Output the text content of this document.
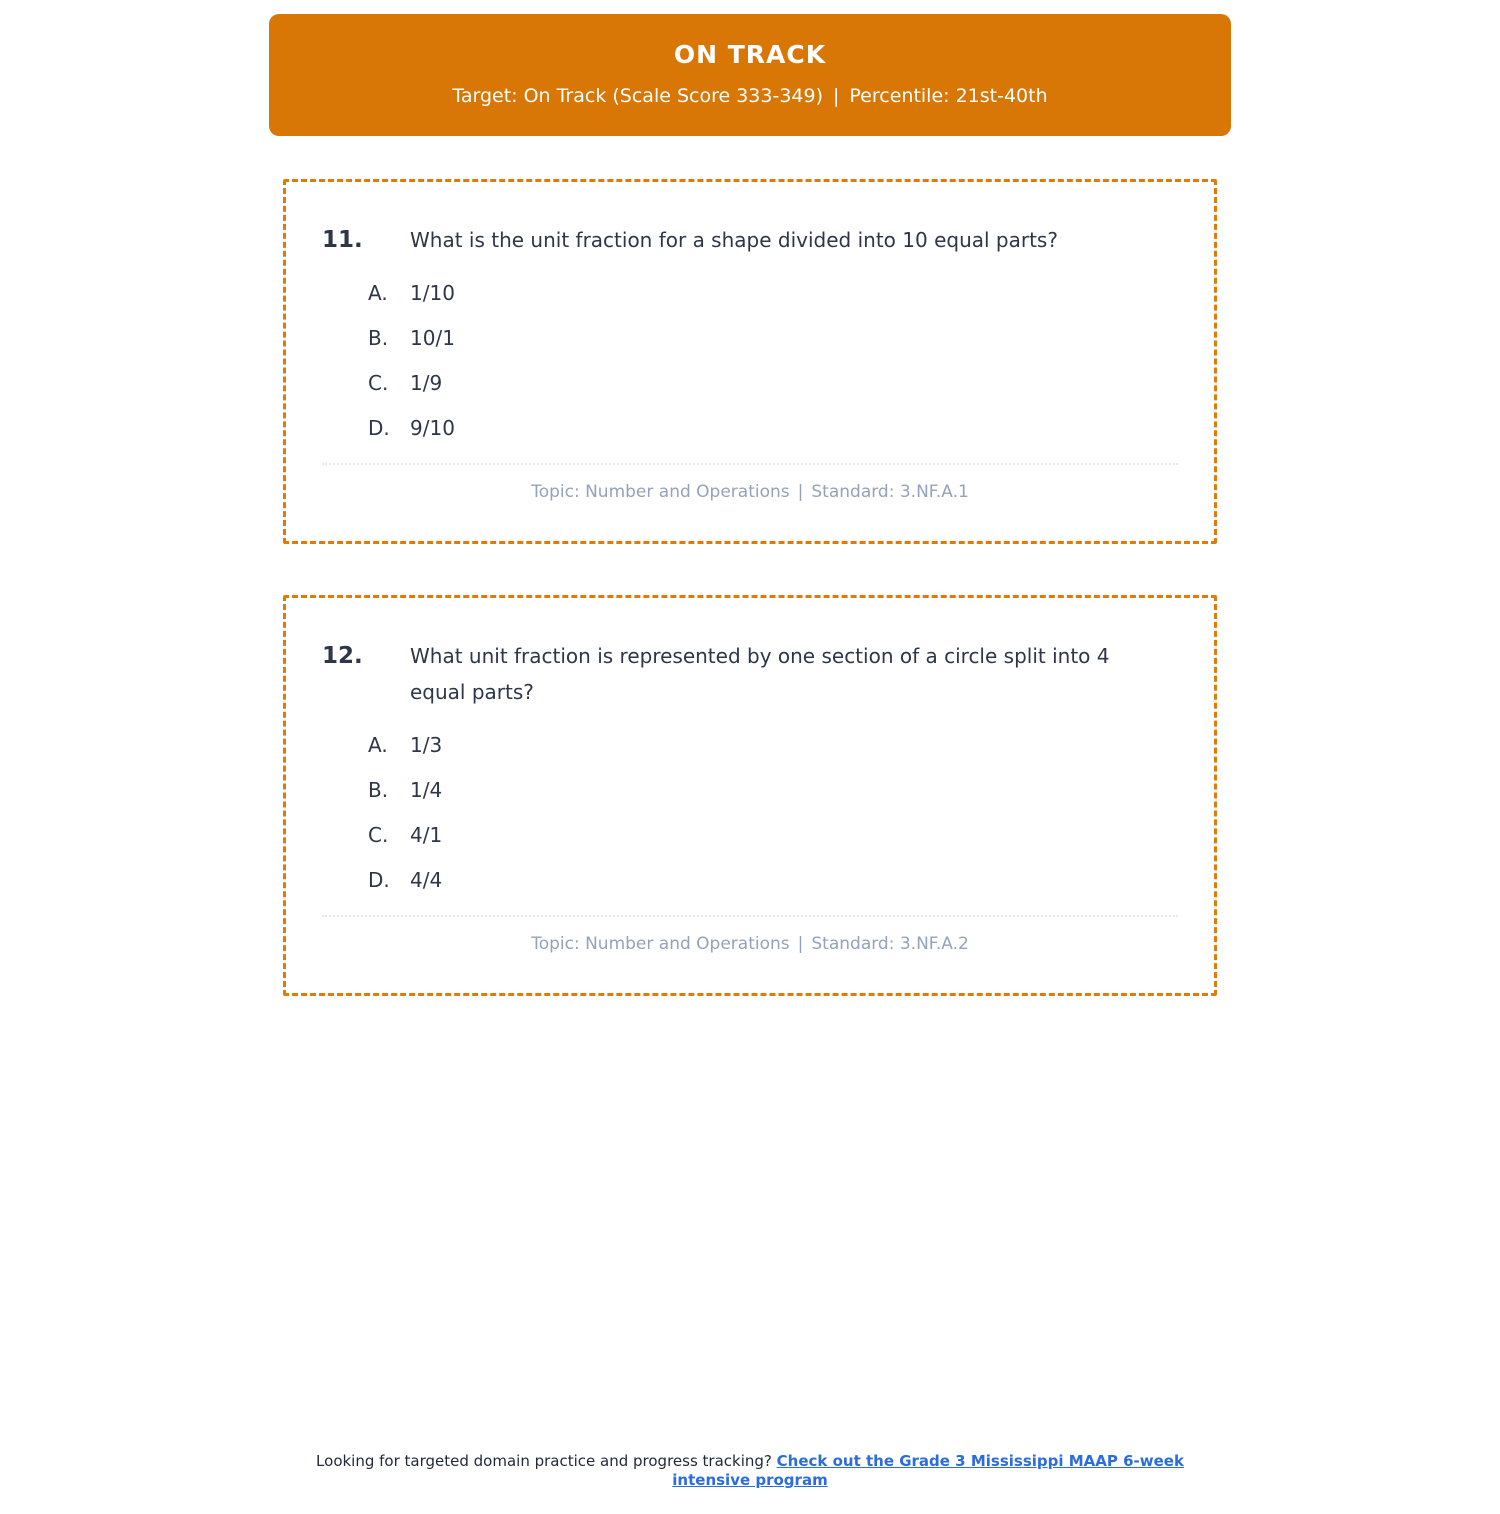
ON TRACK
Target: On Track (Scale Score 333-349) | Percentile: 21st-40th
11.	What is the unit fraction for a shape divided into 10 equal parts?
A.	1/10
B.	10/1
C.	1/9
D.	9/10
Topic: Number and Operations | Standard: 3.NF.A.1
12.	What unit fraction is represented by one section of a circle split into 4 equal parts?
A.	1/3
B.	1/4
C.	4/1
D.	4/4
Topic: Number and Operations | Standard: 3.NF.A.2
Looking for targeted domain practice and progress tracking? Check out the Grade 3 Mississippi MAAP 6-week intensive program
